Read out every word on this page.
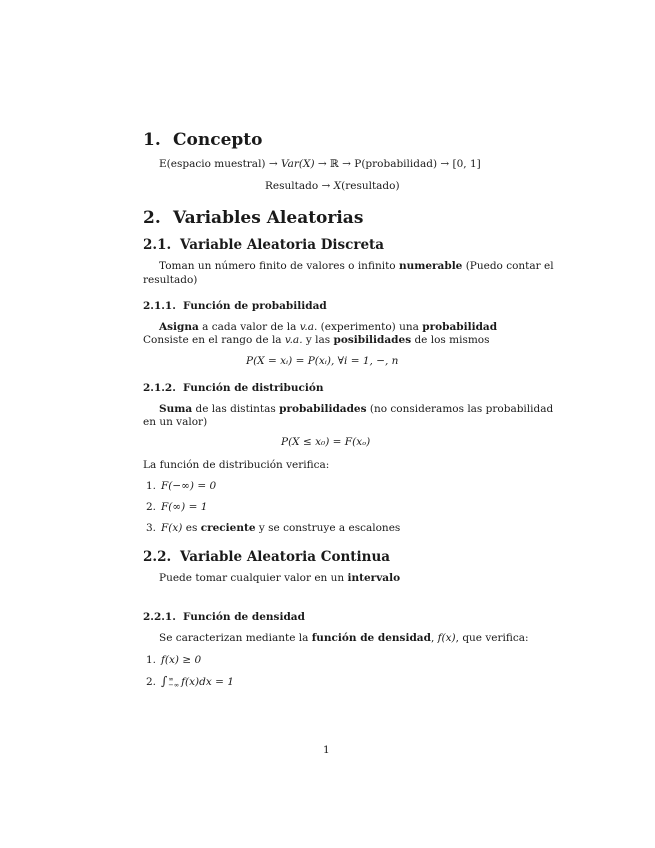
1. Concepto
E(espacio muestral) → Var(X) → ℝ → P(probabilidad) → [0, 1]
Resultado → X(resultado)
2. Variables Aleatorias
2.1. Variable Aleatoria Discreta
Toman un número finito de valores o infinito numerable (Puedo contar el
resultado)
2.1.1. Función de probabilidad
Asigna a cada valor de la v.a. (experimento) una probabilidad
Consiste en el rango de la v.a. y las posibilidades de los mismos
P(X = xᵢ) = P(xᵢ), ∀i = 1, −, n
2.1.2. Función de distribución
Suma de las distintas probabilidades (no consideramos las probabilidad
en un valor)
P(X ≤ x₀) = F(xₒ)
La función de distribución verifica:
1. F(−∞) = 0
2. F(∞) = 1
3. F(x) es creciente y se construye a escalones
2.2. Variable Aleatoria Continua
Puede tomar cualquier valor en un intervalo
2.2.1. Función de densidad
Se caracterizan mediante la función de densidad, f(x), que verifica:
1. f(x) ≥ 0
2. ∫ ∞
−∞ f(x)dx = 1
1
